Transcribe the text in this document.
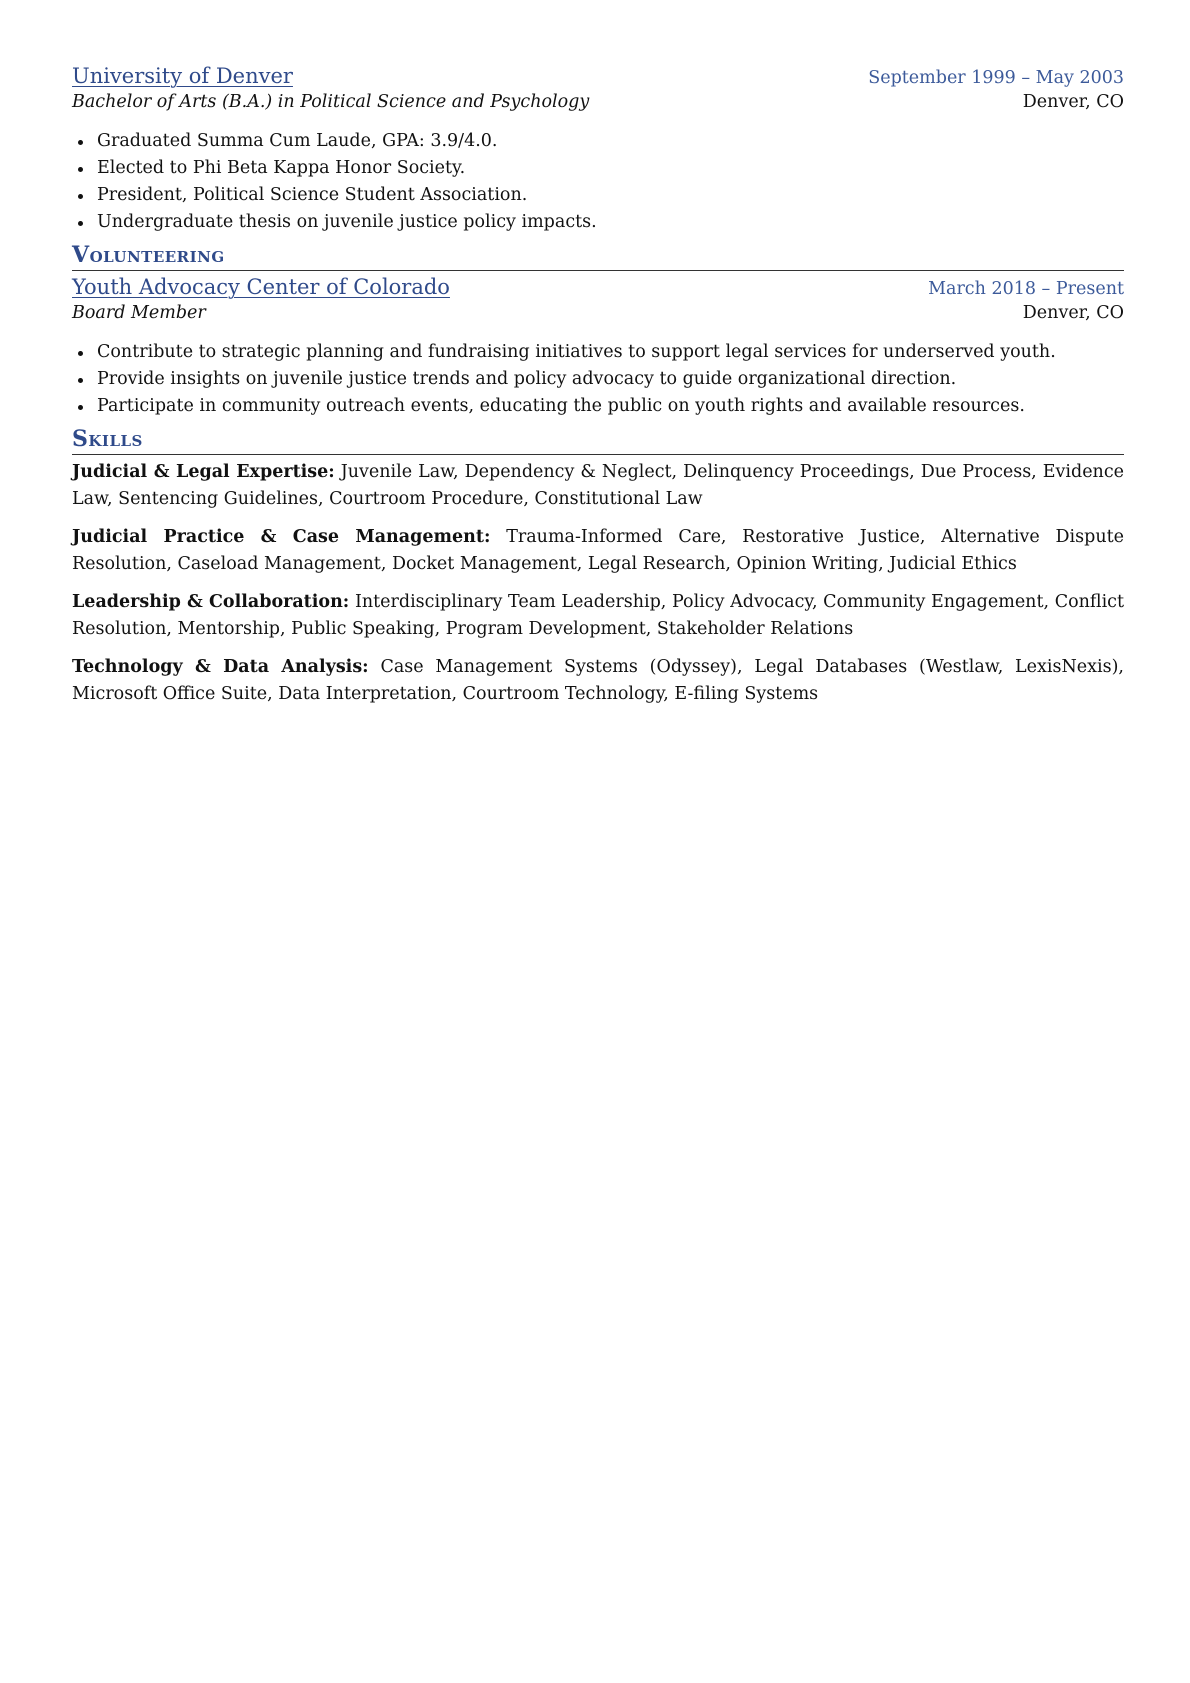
University of Denver	September 1999 – May 2003
Bachelor of Arts (B.A.) in Political Science and Psychology	Denver, CO
Graduated Summa Cum Laude, GPA: 3.9/4.0.
Elected to Phi Beta Kappa Honor Society.
President, Political Science Student Association.
Undergraduate thesis on juvenile justice policy impacts.
Volunteering
Youth Advocacy Center of Colorado	March 2018 – Present
Board Member	Denver, CO
Contribute to strategic planning and fundraising initiatives to support legal services for underserved youth.
Provide insights on juvenile justice trends and policy advocacy to guide organizational direction.
Participate in community outreach events, educating the public on youth rights and available resources.
Skills
Judicial & Legal Expertise: Juvenile Law, Dependency & Neglect, Delinquency Proceedings, Due Process, Evidence Law, Sentencing Guidelines, Courtroom Procedure, Constitutional Law
Judicial Practice & Case Management: Trauma-Informed Care, Restorative Justice, Alternative Dispute Resolution, Caseload Management, Docket Management, Legal Research, Opinion Writing, Judicial Ethics
Leadership & Collaboration: Interdisciplinary Team Leadership, Policy Advocacy, Community Engagement, Conflict Resolution, Mentorship, Public Speaking, Program Development, Stakeholder Relations
Technology & Data Analysis: Case Management Systems (Odyssey), Legal Databases (Westlaw, LexisNexis), Microsoft Office Suite, Data Interpretation, Courtroom Technology, E-filing Systems
